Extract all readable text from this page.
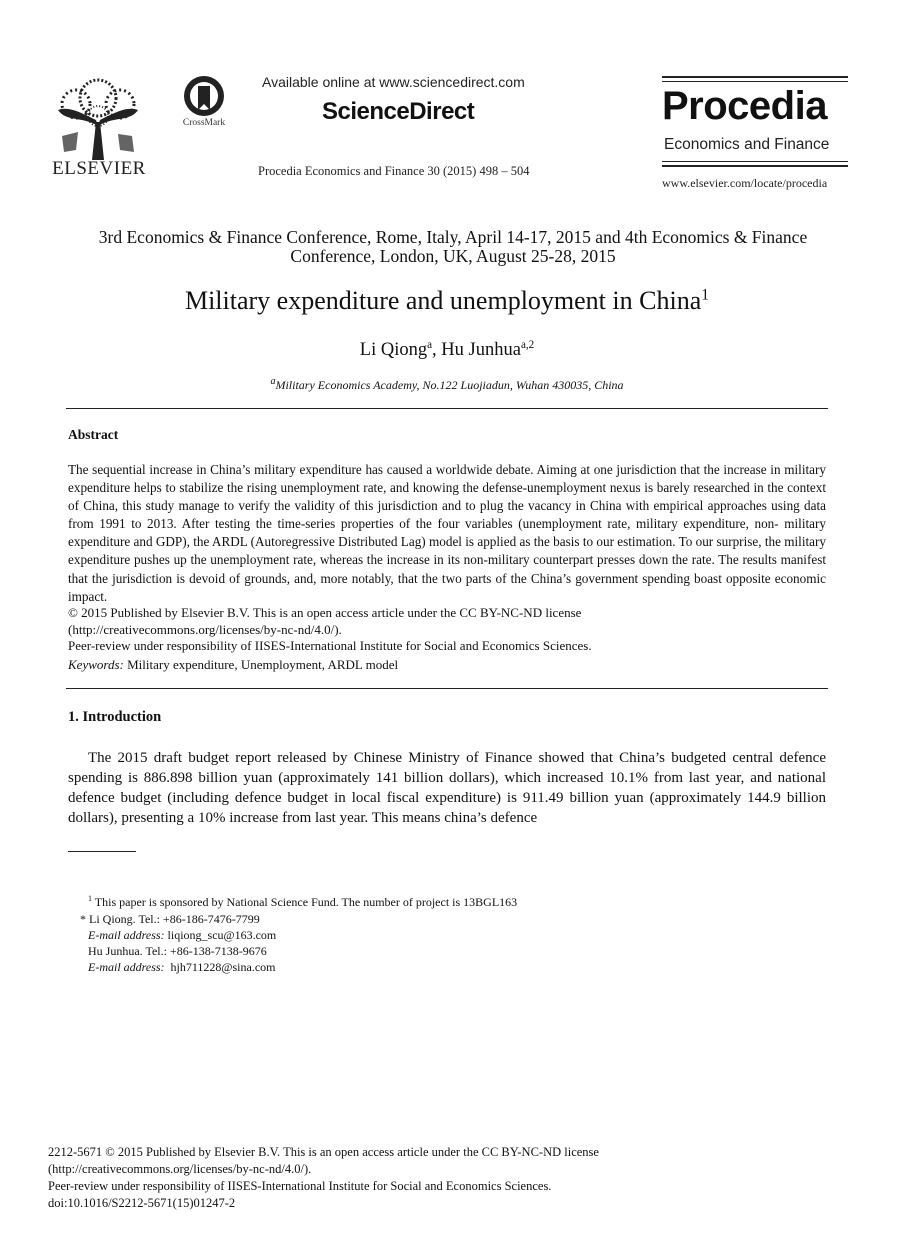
ELSEVIER
CrossMark
Available online at www.sciencedirect.com
ScienceDirect
Procedia Economics and Finance 30 (2015) 498 – 504
Procedia
Economics and Finance
www.elsevier.com/locate/procedia
3rd Economics & Finance Conference, Rome, Italy, April 14-17, 2015 and 4th Economics & Finance Conference, London, UK, August 25-28, 2015
Military expenditure and unemployment in China$^1$
Li Qiong$^a$, Hu Junhua$^{a,2}$
$^a$Military Economics Academy, No.122 Luojiadun, Wuhan 430035, China
Abstract
The sequential increase in China’s military expenditure has caused a worldwide debate. Aiming at one jurisdiction that the increase in military expenditure helps to stabilize the rising unemployment rate, and knowing the defense-unemployment nexus is barely researched in the context of China, this study manage to verify the validity of this jurisdiction and to plug the vacancy in China with empirical approaches using data from 1991 to 2013. After testing the time-series properties of the four variables (unemployment rate, military expenditure, non- military expenditure and GDP), the ARDL (Autoregressive Distributed Lag) model is applied as the basis to our estimation. To our surprise, the military expenditure pushes up the unemployment rate, whereas the increase in its non-military counterpart presses down the rate. The results manifest that the jurisdiction is devoid of grounds, and, more notably, that the two parts of the China’s government spending boast opposite economic impact.
© 2015 Published by Elsevier B.V. This is an open access article under the CC BY-NC-ND license
(http://creativecommons.org/licenses/by-nc-nd/4.0/).
Peer-review under responsibility of IISES-International Institute for Social and Economics Sciences.
Keywords: Military expenditure, Unemployment, ARDL model
1. Introduction
The 2015 draft budget report released by Chinese Ministry of Finance showed that China’s budgeted central defence spending is 886.898 billion yuan (approximately 141 billion dollars), which increased 10.1% from last year, and national defence budget (including defence budget in local fiscal expenditure) is 911.49 billion yuan (approximately 144.9 billion dollars), presenting a 10% increase from last year. This means china’s defence
$^1$ This paper is sponsored by National Science Fund. The number of project is 13BGL163
* Li Qiong. Tel.: +86-186-7476-7799
E-mail address: liqiong_scu@163.com
Hu Junhua. Tel.: +86-138-7138-9676
E-mail address: hjh711228@sina.com
2212-5671 © 2015 Published by Elsevier B.V. This is an open access article under the CC BY-NC-ND license
(http://creativecommons.org/licenses/by-nc-nd/4.0/).
Peer-review under responsibility of IISES-International Institute for Social and Economics Sciences.
doi:10.1016/S2212-5671(15)01247-2
